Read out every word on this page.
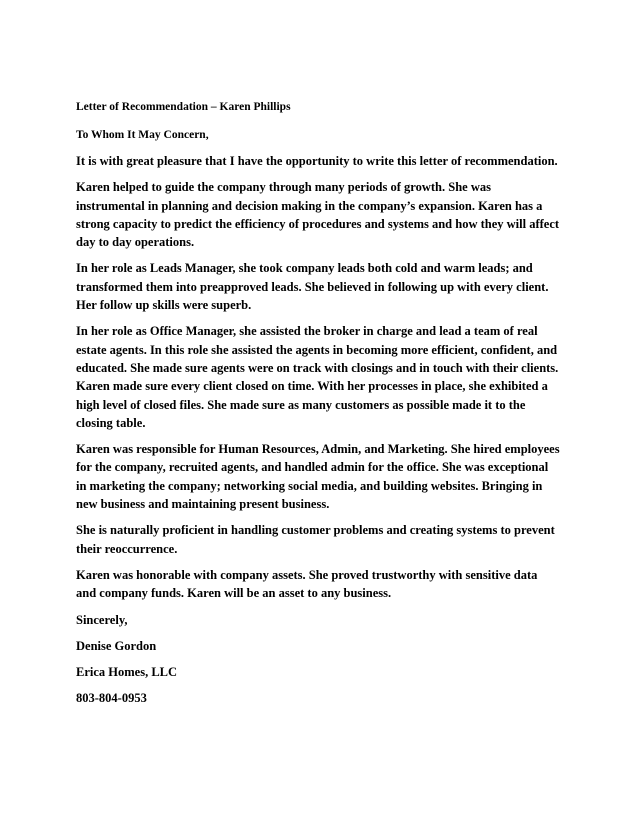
Letter of Recommendation – Karen Phillips
To Whom It May Concern,
It is with great pleasure that I have the opportunity to write this letter of recommendation.
Karen helped to guide the company through many periods of growth. She was
instrumental in planning and decision making in the company’s expansion. Karen has a
strong capacity to predict the efficiency of procedures and systems and how they will affect
day to day operations.
In her role as Leads Manager, she took company leads both cold and warm leads; and
transformed them into preapproved leads. She believed in following up with every client.
Her follow up skills were superb.
In her role as Office Manager, she assisted the broker in charge and lead a team of real
estate agents. In this role she assisted the agents in becoming more efficient, confident, and
educated. She made sure agents were on track with closings and in touch with their clients.
Karen made sure every client closed on time. With her processes in place, she exhibited a
high level of closed files. She made sure as many customers as possible made it to the
closing table.
Karen was responsible for Human Resources, Admin, and Marketing. She hired employees
for the company, recruited agents, and handled admin for the office. She was exceptional
in marketing the company; networking social media, and building websites. Bringing in
new business and maintaining present business.
She is naturally proficient in handling customer problems and creating systems to prevent
their reoccurrence.
Karen was honorable with company assets. She proved trustworthy with sensitive data
and company funds. Karen will be an asset to any business.
Sincerely,
Denise Gordon
Erica Homes, LLC
803-804-0953
